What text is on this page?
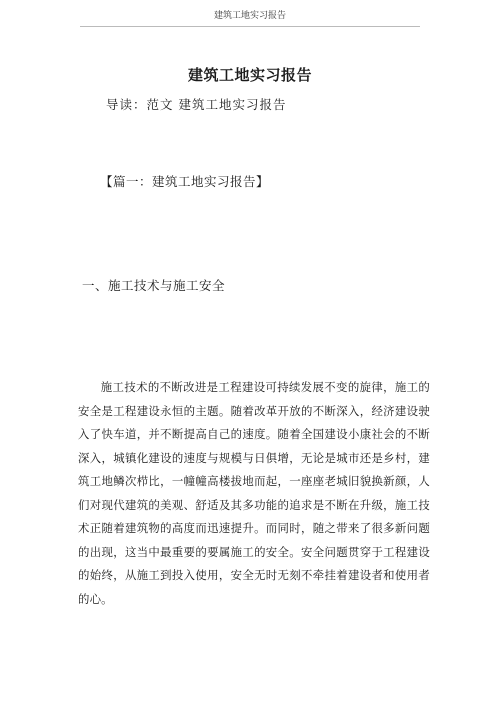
建筑工地实习报告
建筑工地实习报告
导读：范文 建筑工地实习报告
【篇一：建筑工地实习报告】
一、施工技术与施工安全
施工技术的不断改进是工程建设可持续发展不变的旋律，施工的安全是工程建设永恒的主题。随着改革开放的不断深入，经济建设驶入了快车道，并不断提高自己的速度。随着全国建设小康社会的不断深入，城镇化建设的速度与规模与日俱增，无论是城市还是乡村，建筑工地鳞次栉比，一幢幢高楼拔地而起，一座座老城旧貌换新颜，人们对现代建筑的美观、舒适及其多功能的追求是不断在升级，施工技术正随着建筑物的高度而迅速提升。而同时，随之带来了很多新问题的出现，这当中最重要的要属施工的安全。安全问题贯穿于工程建设的始终，从施工到投入使用，安全无时无刻不牵挂着建设者和使用者的心。
